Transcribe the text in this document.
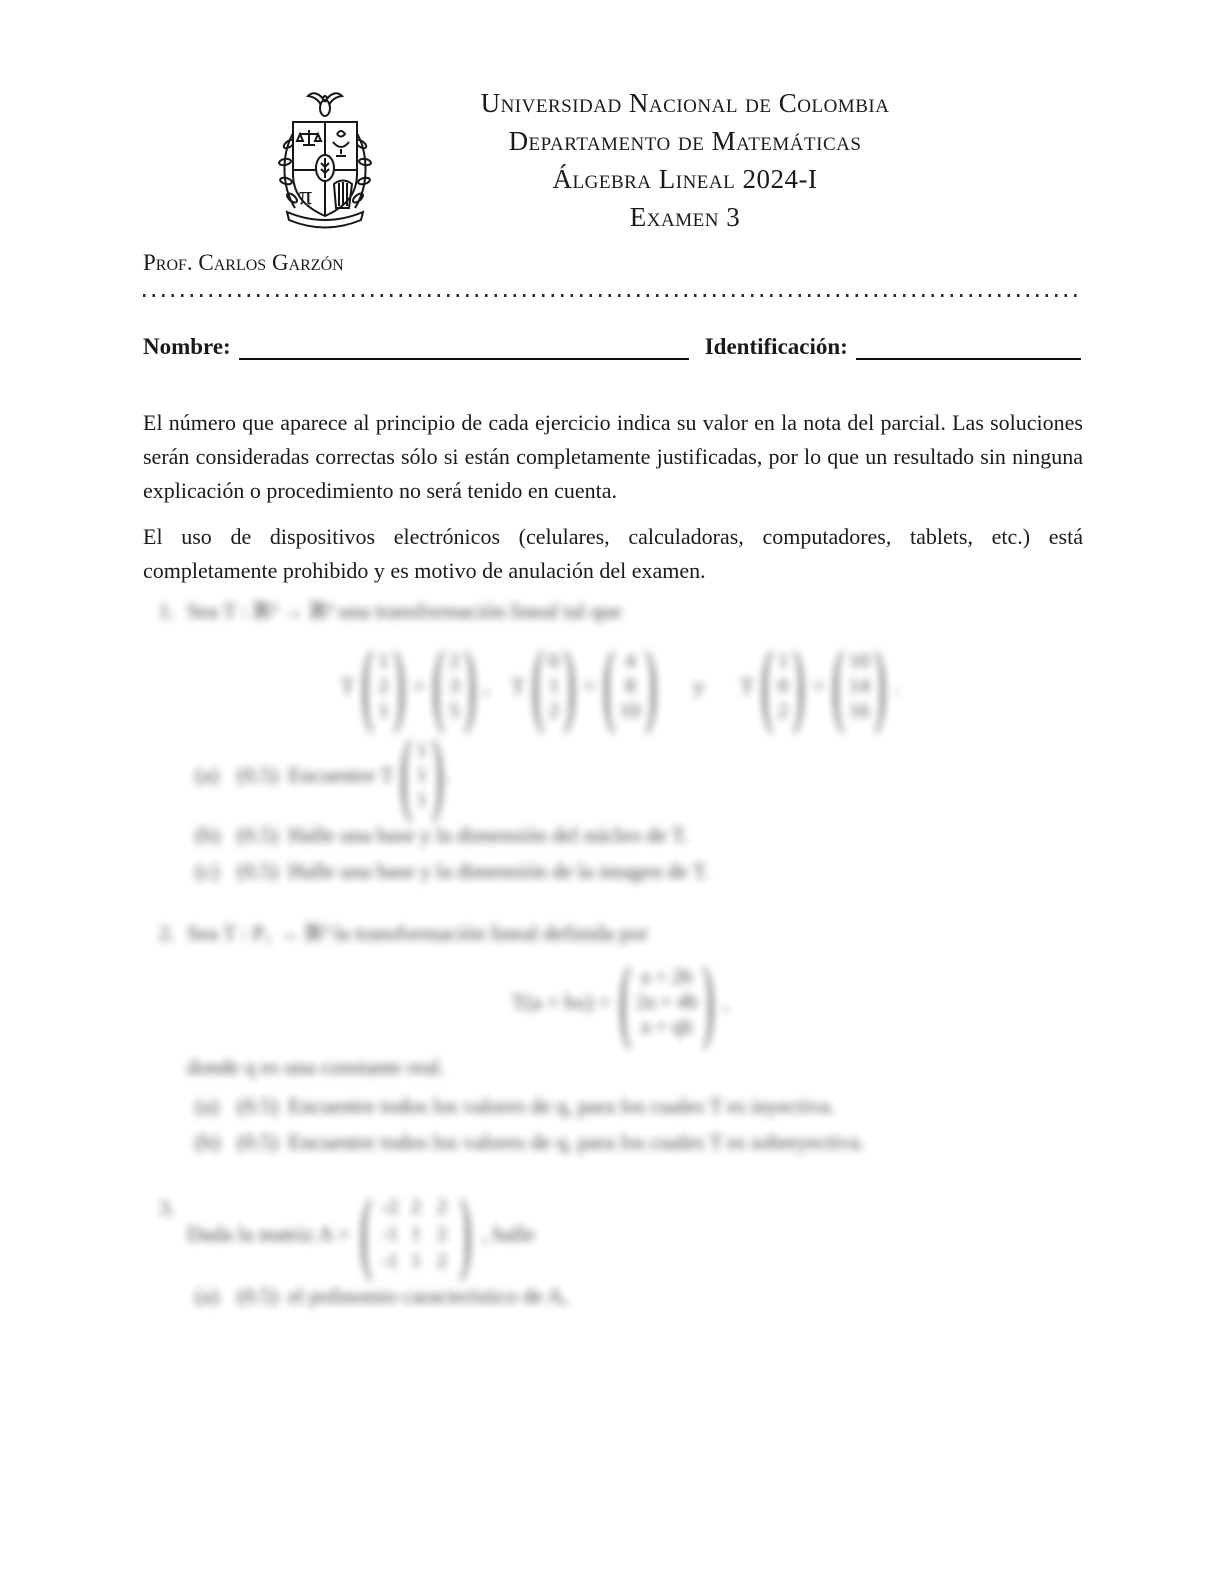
π
Universidad Nacional de Colombia
Departamento de Matemáticas
Álgebra Lineal 2024-I
Examen 3
Prof. Carlos Garzón
Nombre:	Identificación:

El número que aparece al principio de cada ejercicio indica su valor en la nota del parcial. Las soluciones serán consideradas correctas sólo si están completamente justificadas, por lo que un resultado sin ninguna explicación o procedimiento no será tenido en cuenta.

El uso de dispositivos electrónicos (celulares, calculadoras, computadores, tablets, etc.) está completamente prohibido y es motivo de anulación del examen.

1. Sea T : ℝ³ → ℝ³ una transformación lineal tal que
T ( 1
2
1 ) = ( 2
3
5 ) , T ( 0
1
2 ) = ( 4
8
10 ) y T ( 1
0
2 ) = ( 10
14
16 ) .
(a) (0.5) Encuentre T ( 1
1
1 ) .
(b) (0.5) Halle una base y la dimensión del núcleo de T.
(c) (0.5) Halle una base y la dimensión de la imagen de T.
2. Sea T : P₁ → ℝ³ la transformación lineal definida por
T(a + bx) = ( a + 2b
2a + 4b
a + qb ) ,
donde q es una constante real.
(a) (0.5) Encuentre todos los valores de q, para los cuales T es inyectiva.
(b) (0.5) Encuentre todos los valores de q, para los cuales T es sobreyectiva.
3.
Dada la matriz A = ( -2 2 2
-1 1 2
-1 1 2 ) , halle
(a) (0.5) el polinomio característico de A,
